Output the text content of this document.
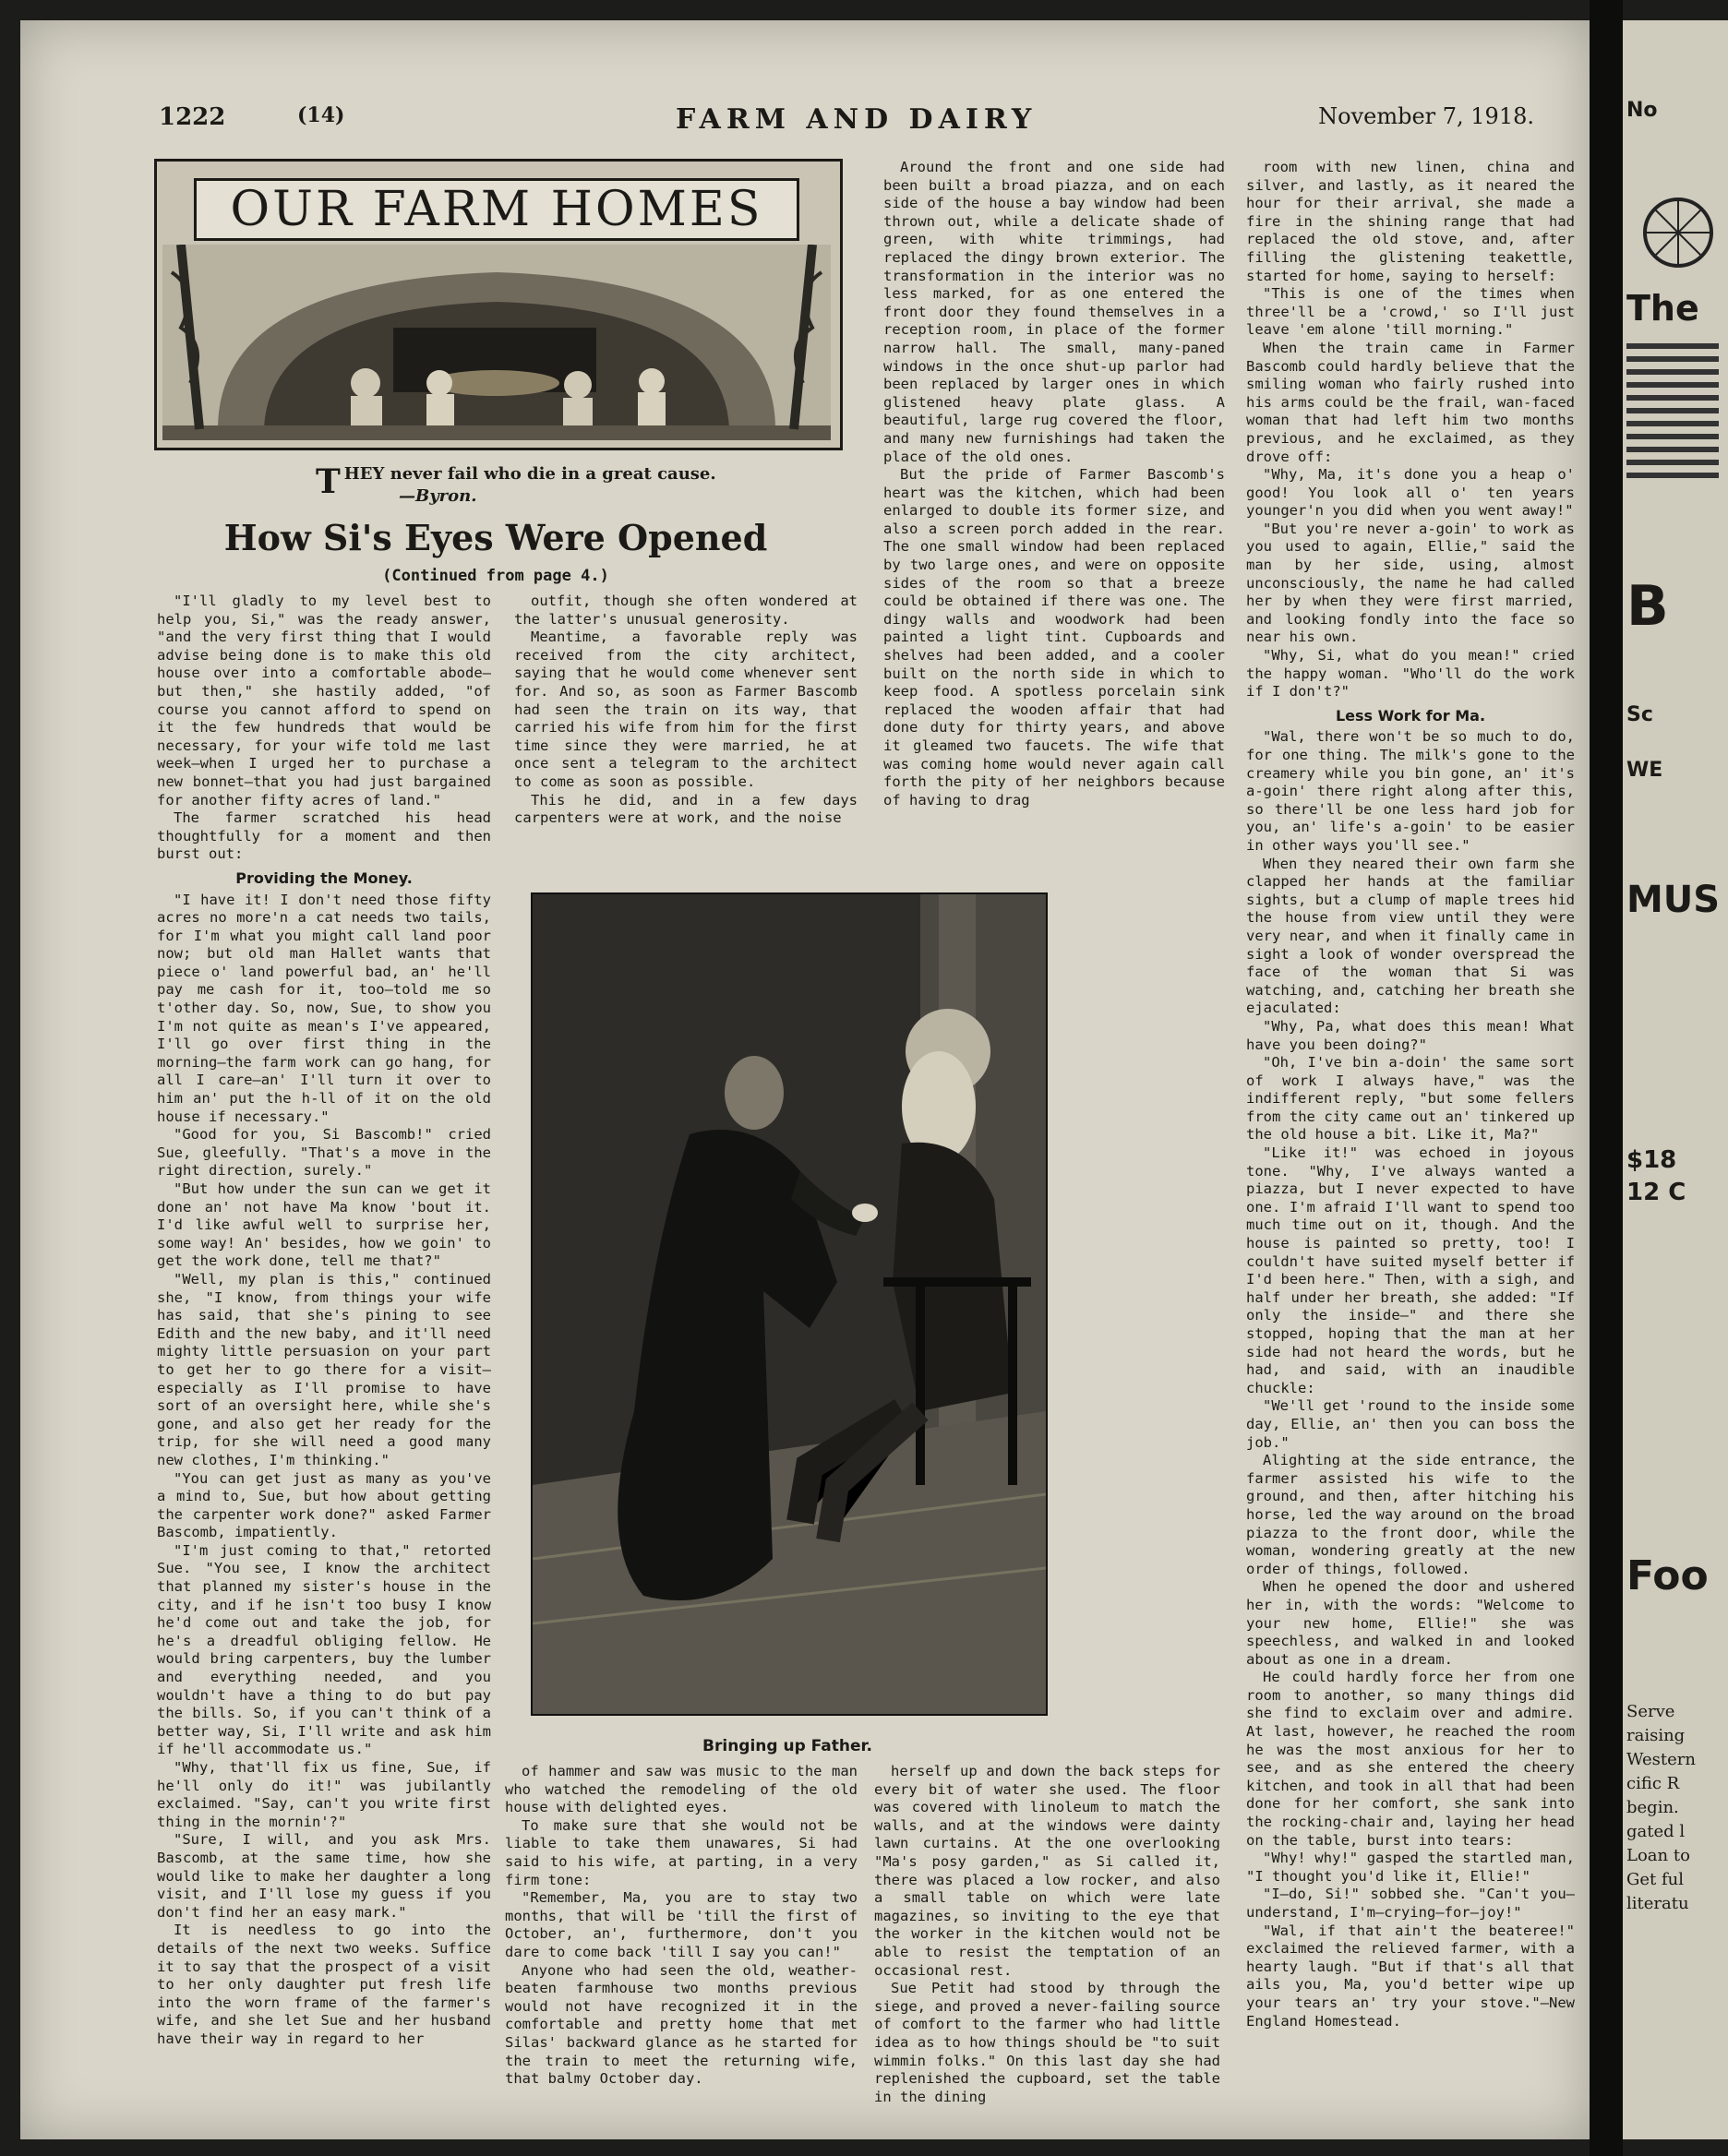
1222	(14)	FARM AND DAIRY	November 7, 1918.
OUR FARM HOMES
T HEY never fail who die in a great cause.
—Byron.
How Si's Eyes Were Opened
(Continued from page 4.)

"I'll gladly to my level best to help you, Si," was the ready answer, "and the very first thing that I would advise being done is to make this old house over into a comfortable abode—but then," she hastily added, "of course you cannot afford to spend on it the few hundreds that would be necessary, for your wife told me last week—when I urged her to purchase a new bonnet—that you had just bargained for another fifty acres of land."

The farmer scratched his head thoughtfully for a moment and then burst out:

Providing the Money.

"I have it! I don't need those fifty acres no more'n a cat needs two tails, for I'm what you might call land poor now; but old man Hallet wants that piece o' land powerful bad, an' he'll pay me cash for it, too—told me so t'other day. So, now, Sue, to show you I'm not quite as mean's I've appeared, I'll go over first thing in the morning—the farm work can go hang, for all I care—an' I'll turn it over to him an' put the h-ll of it on the old house if necessary."

"Good for you, Si Bascomb!" cried Sue, gleefully. "That's a move in the right direction, surely."

"But how under the sun can we get it done an' not have Ma know 'bout it. I'd like awful well to surprise her, some way! An' besides, how we goin' to get the work done, tell me that?"

"Well, my plan is this," continued she, "I know, from things your wife has said, that she's pining to see Edith and the new baby, and it'll need mighty little persuasion on your part to get her to go there for a visit—especially as I'll promise to have sort of an oversight here, while she's gone, and also get her ready for the trip, for she will need a good many new clothes, I'm thinking."

"You can get just as many as you've a mind to, Sue, but how about getting the carpenter work done?" asked Farmer Bascomb, impatiently.

"I'm just coming to that," retorted Sue. "You see, I know the architect that planned my sister's house in the city, and if he isn't too busy I know he'd come out and take the job, for he's a dreadful obliging fellow. He would bring carpenters, buy the lumber and everything needed, and you wouldn't have a thing to do but pay the bills. So, if you can't think of a better way, Si, I'll write and ask him if he'll accommodate us."

"Why, that'll fix us fine, Sue, if he'll only do it!" was jubilantly exclaimed. "Say, can't you write first thing in the mornin'?"

"Sure, I will, and you ask Mrs. Bascomb, at the same time, how she would like to make her daughter a long visit, and I'll lose my guess if you don't find her an easy mark."

It is needless to go into the details of the next two weeks. Suffice it to say that the prospect of a visit to her only daughter put fresh life into the worn frame of the farmer's wife, and she let Sue and her husband have their way in regard to her

outfit, though she often wondered at the latter's unusual generosity.

Meantime, a favorable reply was received from the city architect, saying that he would come whenever sent for. And so, as soon as Farmer Bascomb had seen the train on its way, that carried his wife from him for the first time since they were married, he at once sent a telegram to the architect to come as soon as possible.

This he did, and in a few days carpenters were at work, and the noise

Around the front and one side had been built a broad piazza, and on each side of the house a bay window had been thrown out, while a delicate shade of green, with white trimmings, had replaced the dingy brown exterior. The transformation in the interior was no less marked, for as one entered the front door they found themselves in a reception room, in place of the former narrow hall. The small, many-paned windows in the once shut-up parlor had been replaced by larger ones in which glistened heavy plate glass. A beautiful, large rug covered the floor, and many new furnishings had taken the place of the old ones.

But the pride of Farmer Bascomb's heart was the kitchen, which had been enlarged to double its former size, and also a screen porch added in the rear. The one small window had been replaced by two large ones, and were on opposite sides of the room so that a breeze could be obtained if there was one. The dingy walls and woodwork had been painted a light tint. Cupboards and shelves had been added, and a cooler built on the north side in which to keep food. A spotless porcelain sink replaced the wooden affair that had done duty for thirty years, and above it gleamed two faucets. The wife that was coming home would never again call forth the pity of her neighbors because of having to drag

of hammer and saw was music to the man who watched the remodeling of the old house with delighted eyes.

To make sure that she would not be liable to take them unawares, Si had said to his wife, at parting, in a very firm tone:

"Remember, Ma, you are to stay two months, that will be 'till the first of October, an', furthermore, don't you dare to come back 'till I say you can!"

Anyone who had seen the old, weather-beaten farmhouse two months previous would not have recognized it in the comfortable and pretty home that met Silas' backward glance as he started for the train to meet the returning wife, that balmy October day.

herself up and down the back steps for every bit of water she used. The floor was covered with linoleum to match the walls, and at the windows were dainty lawn curtains. At the one overlooking "Ma's posy garden," as Si called it, there was placed a low rocker, and also a small table on which were late magazines, so inviting to the eye that the worker in the kitchen would not be able to resist the temptation of an occasional rest.

Sue Petit had stood by through the siege, and proved a never-failing source of comfort to the farmer who had little idea as to how things should be "to suit wimmin folks." On this last day she had replenished the cupboard, set the table in the dining

room with new linen, china and silver, and lastly, as it neared the hour for their arrival, she made a fire in the shining range that had replaced the old stove, and, after filling the glistening teakettle, started for home, saying to herself:

"This is one of the times when three'll be a 'crowd,' so I'll just leave 'em alone 'till morning."

When the train came in Farmer Bascomb could hardly believe that the smiling woman who fairly rushed into his arms could be the frail, wan-faced woman that had left him two months previous, and he exclaimed, as they drove off:

"Why, Ma, it's done you a heap o' good! You look all o' ten years younger'n you did when you went away!"

"But you're never a-goin' to work as you used to again, Ellie," said the man by her side, using, almost unconsciously, the name he had called her by when they were first married, and looking fondly into the face so near his own.

"Why, Si, what do you mean!" cried the happy woman. "Who'll do the work if I don't?"

Less Work for Ma.

"Wal, there won't be so much to do, for one thing. The milk's gone to the creamery while you bin gone, an' it's a-goin' there right along after this, so there'll be one less hard job for you, an' life's a-goin' to be easier in other ways you'll see."

When they neared their own farm she clapped her hands at the familiar sights, but a clump of maple trees hid the house from view until they were very near, and when it finally came in sight a look of wonder overspread the face of the woman that Si was watching, and, catching her breath she ejaculated:

"Why, Pa, what does this mean! What have you been doing?"

"Oh, I've bin a-doin' the same sort of work I always have," was the indifferent reply, "but some fellers from the city came out an' tinkered up the old house a bit. Like it, Ma?"

"Like it!" was echoed in joyous tone. "Why, I've always wanted a piazza, but I never expected to have one. I'm afraid I'll want to spend too much time out on it, though. And the house is painted so pretty, too! I couldn't have suited myself better if I'd been here." Then, with a sigh, and half under her breath, she added: "If only the inside—" and there she stopped, hoping that the man at her side had not heard the words, but he had, and said, with an inaudible chuckle:

"We'll get 'round to the inside some day, Ellie, an' then you can boss the job."

Alighting at the side entrance, the farmer assisted his wife to the ground, and then, after hitching his horse, led the way around on the broad piazza to the front door, while the woman, wondering greatly at the new order of things, followed.

When he opened the door and ushered her in, with the words: "Welcome to your new home, Ellie!" she was speechless, and walked in and looked about as one in a dream.

He could hardly force her from one room to another, so many things did she find to exclaim over and admire. At last, however, he reached the room he was the most anxious for her to see, and as she entered the cheery kitchen, and took in all that had been done for her comfort, she sank into the rocking-chair and, laying her head on the table, burst into tears:

"Why! why!" gasped the startled man, "I thought you'd like it, Ellie!"

"I—do, Si!" sobbed she. "Can't you—understand, I'm—crying—for—joy!"

"Wal, if that ain't the beateree!" exclaimed the relieved farmer, with a hearty laugh. "But if that's all that ails you, Ma, you'd better wipe up your tears an' try your stove."—New England Homestead.

Bringing up Father.
No
The
B
Sc
WE
MUS
$18
12 C
Foo
Serve
raising
Western
cific R
begin.
gated l
Loan to
Get ful
literatu
